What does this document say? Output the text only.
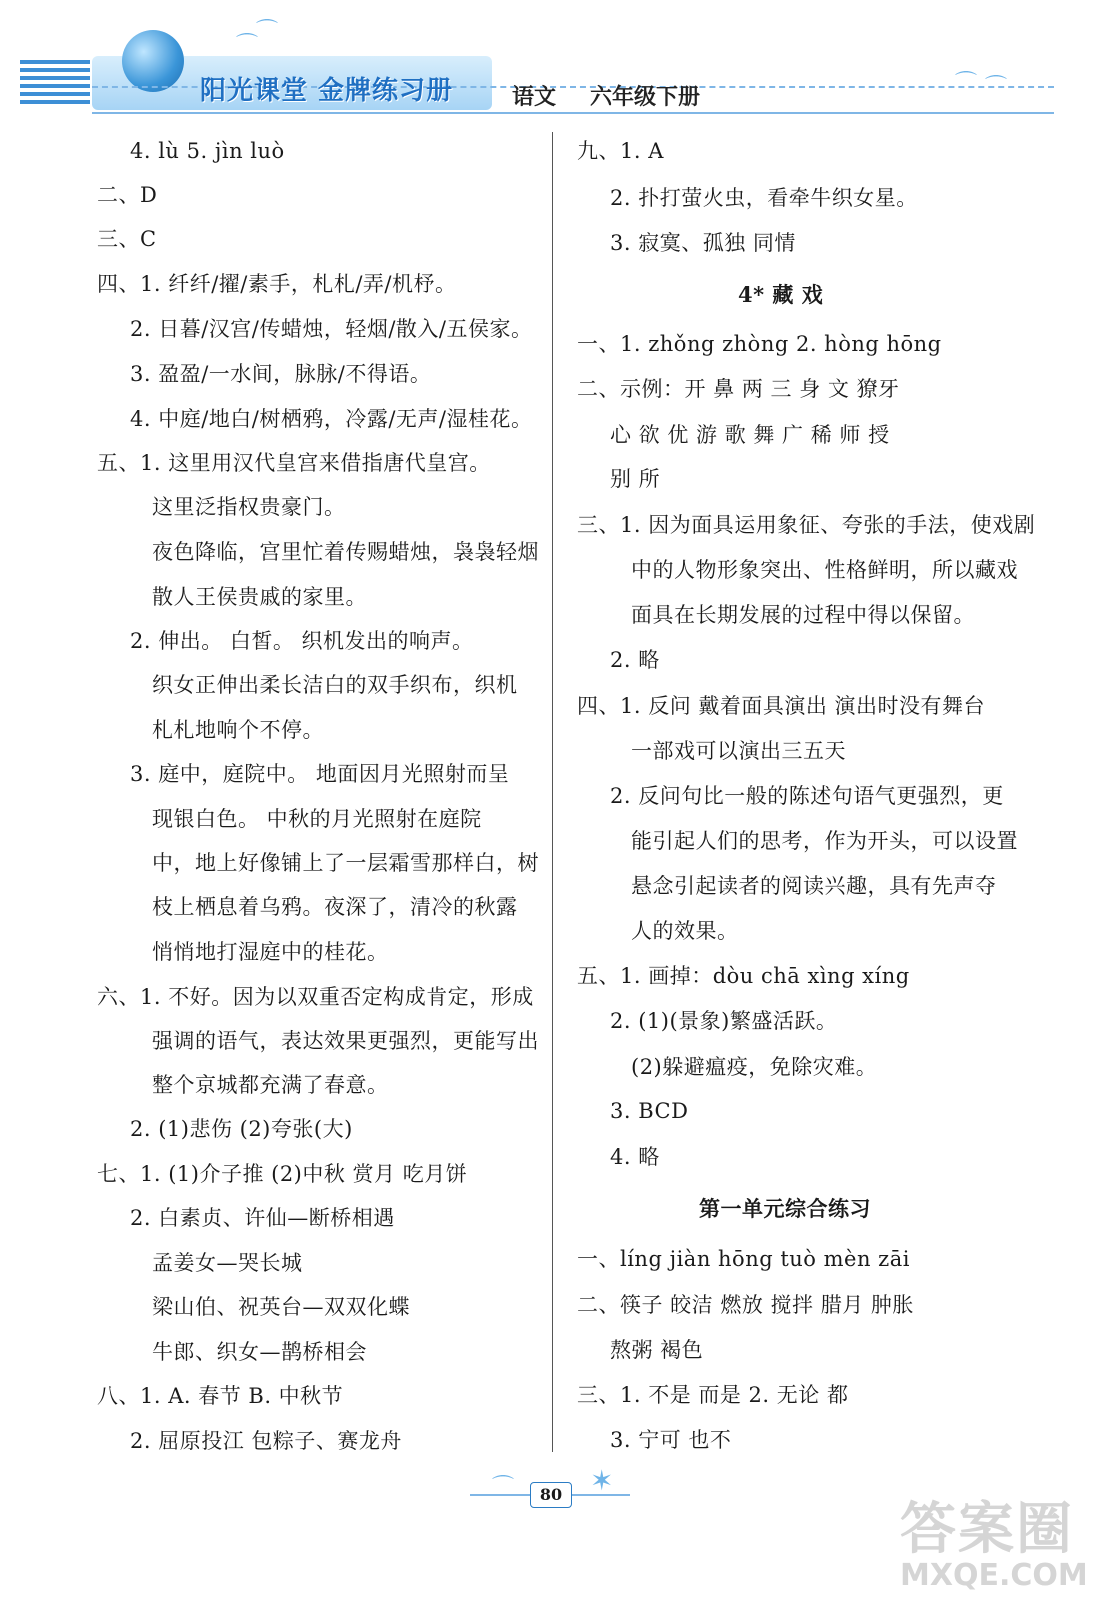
阳光课堂 金牌练习册	语文 六年级下册
⌒
⌒
⌒ ⌒
4. lù 5. jìn luò
二、D
三、C
四、1. 纤纤/擢/素手，札札/弄/机杼。
2. 日暮/汉宫/传蜡烛，轻烟/散入/五侯家。
3. 盈盈/一水间，脉脉/不得语。
4. 中庭/地白/树栖鸦，冷露/无声/湿桂花。
五、1. 这里用汉代皇宫来借指唐代皇宫。
这里泛指权贵豪门。
夜色降临，宫里忙着传赐蜡烛，袅袅轻烟
散人王侯贵戚的家里。
2. 伸出。 白皙。 织机发出的响声。
织女正伸出柔长洁白的双手织布，织机
札札地响个不停。
3. 庭中，庭院中。 地面因月光照射而呈
现银白色。 中秋的月光照射在庭院
中，地上好像铺上了一层霜雪那样白，树
枝上栖息着乌鸦。夜深了，清冷的秋露
悄悄地打湿庭中的桂花。
六、1. 不好。因为以双重否定构成肯定，形成
强调的语气，表达效果更强烈，更能写出
整个京城都充满了春意。
2. (1)悲伤 (2)夸张(大)
七、1. (1)介子推 (2)中秋 赏月 吃月饼
2. 白素贞、许仙—断桥相遇
孟姜女—哭长城
梁山伯、祝英台—双双化蝶
牛郎、织女—鹊桥相会
八、1. A. 春节 B. 中秋节
2. 屈原投江 包粽子、赛龙舟
九、1. A
2. 扑打萤火虫，看牵牛织女星。
3. 寂寞、孤独 同情
4* 藏 戏
一、1. zhǒng zhòng 2. hòng hōng
二、示例：开 鼻 两 三 身 文 獠牙
心 欲 优 游 歌 舞 广 稀 师 授
别 所
三、1. 因为面具运用象征、夸张的手法，使戏剧
中的人物形象突出、性格鲜明，所以藏戏
面具在长期发展的过程中得以保留。
2. 略
四、1. 反问 戴着面具演出 演出时没有舞台
一部戏可以演出三五天
2. 反问句比一般的陈述句语气更强烈，更
能引起人们的思考，作为开头，可以设置
悬念引起读者的阅读兴趣，具有先声夺
人的效果。
五、1. 画掉：dòu chā xìng xíng
2. (1)(景象)繁盛活跃。
(2)躲避瘟疫，免除灾难。
3. BCD
4. 略
第一单元综合练习
一、líng jiàn hōng tuò mèn zāi
二、筷子 皎洁 燃放 搅拌 腊月 肿胀
熬粥 褐色
三、1. 不是 而是 2. 无论 都
3. 宁可 也不
⌒	✶
80
答案圈
MXQE.COM
